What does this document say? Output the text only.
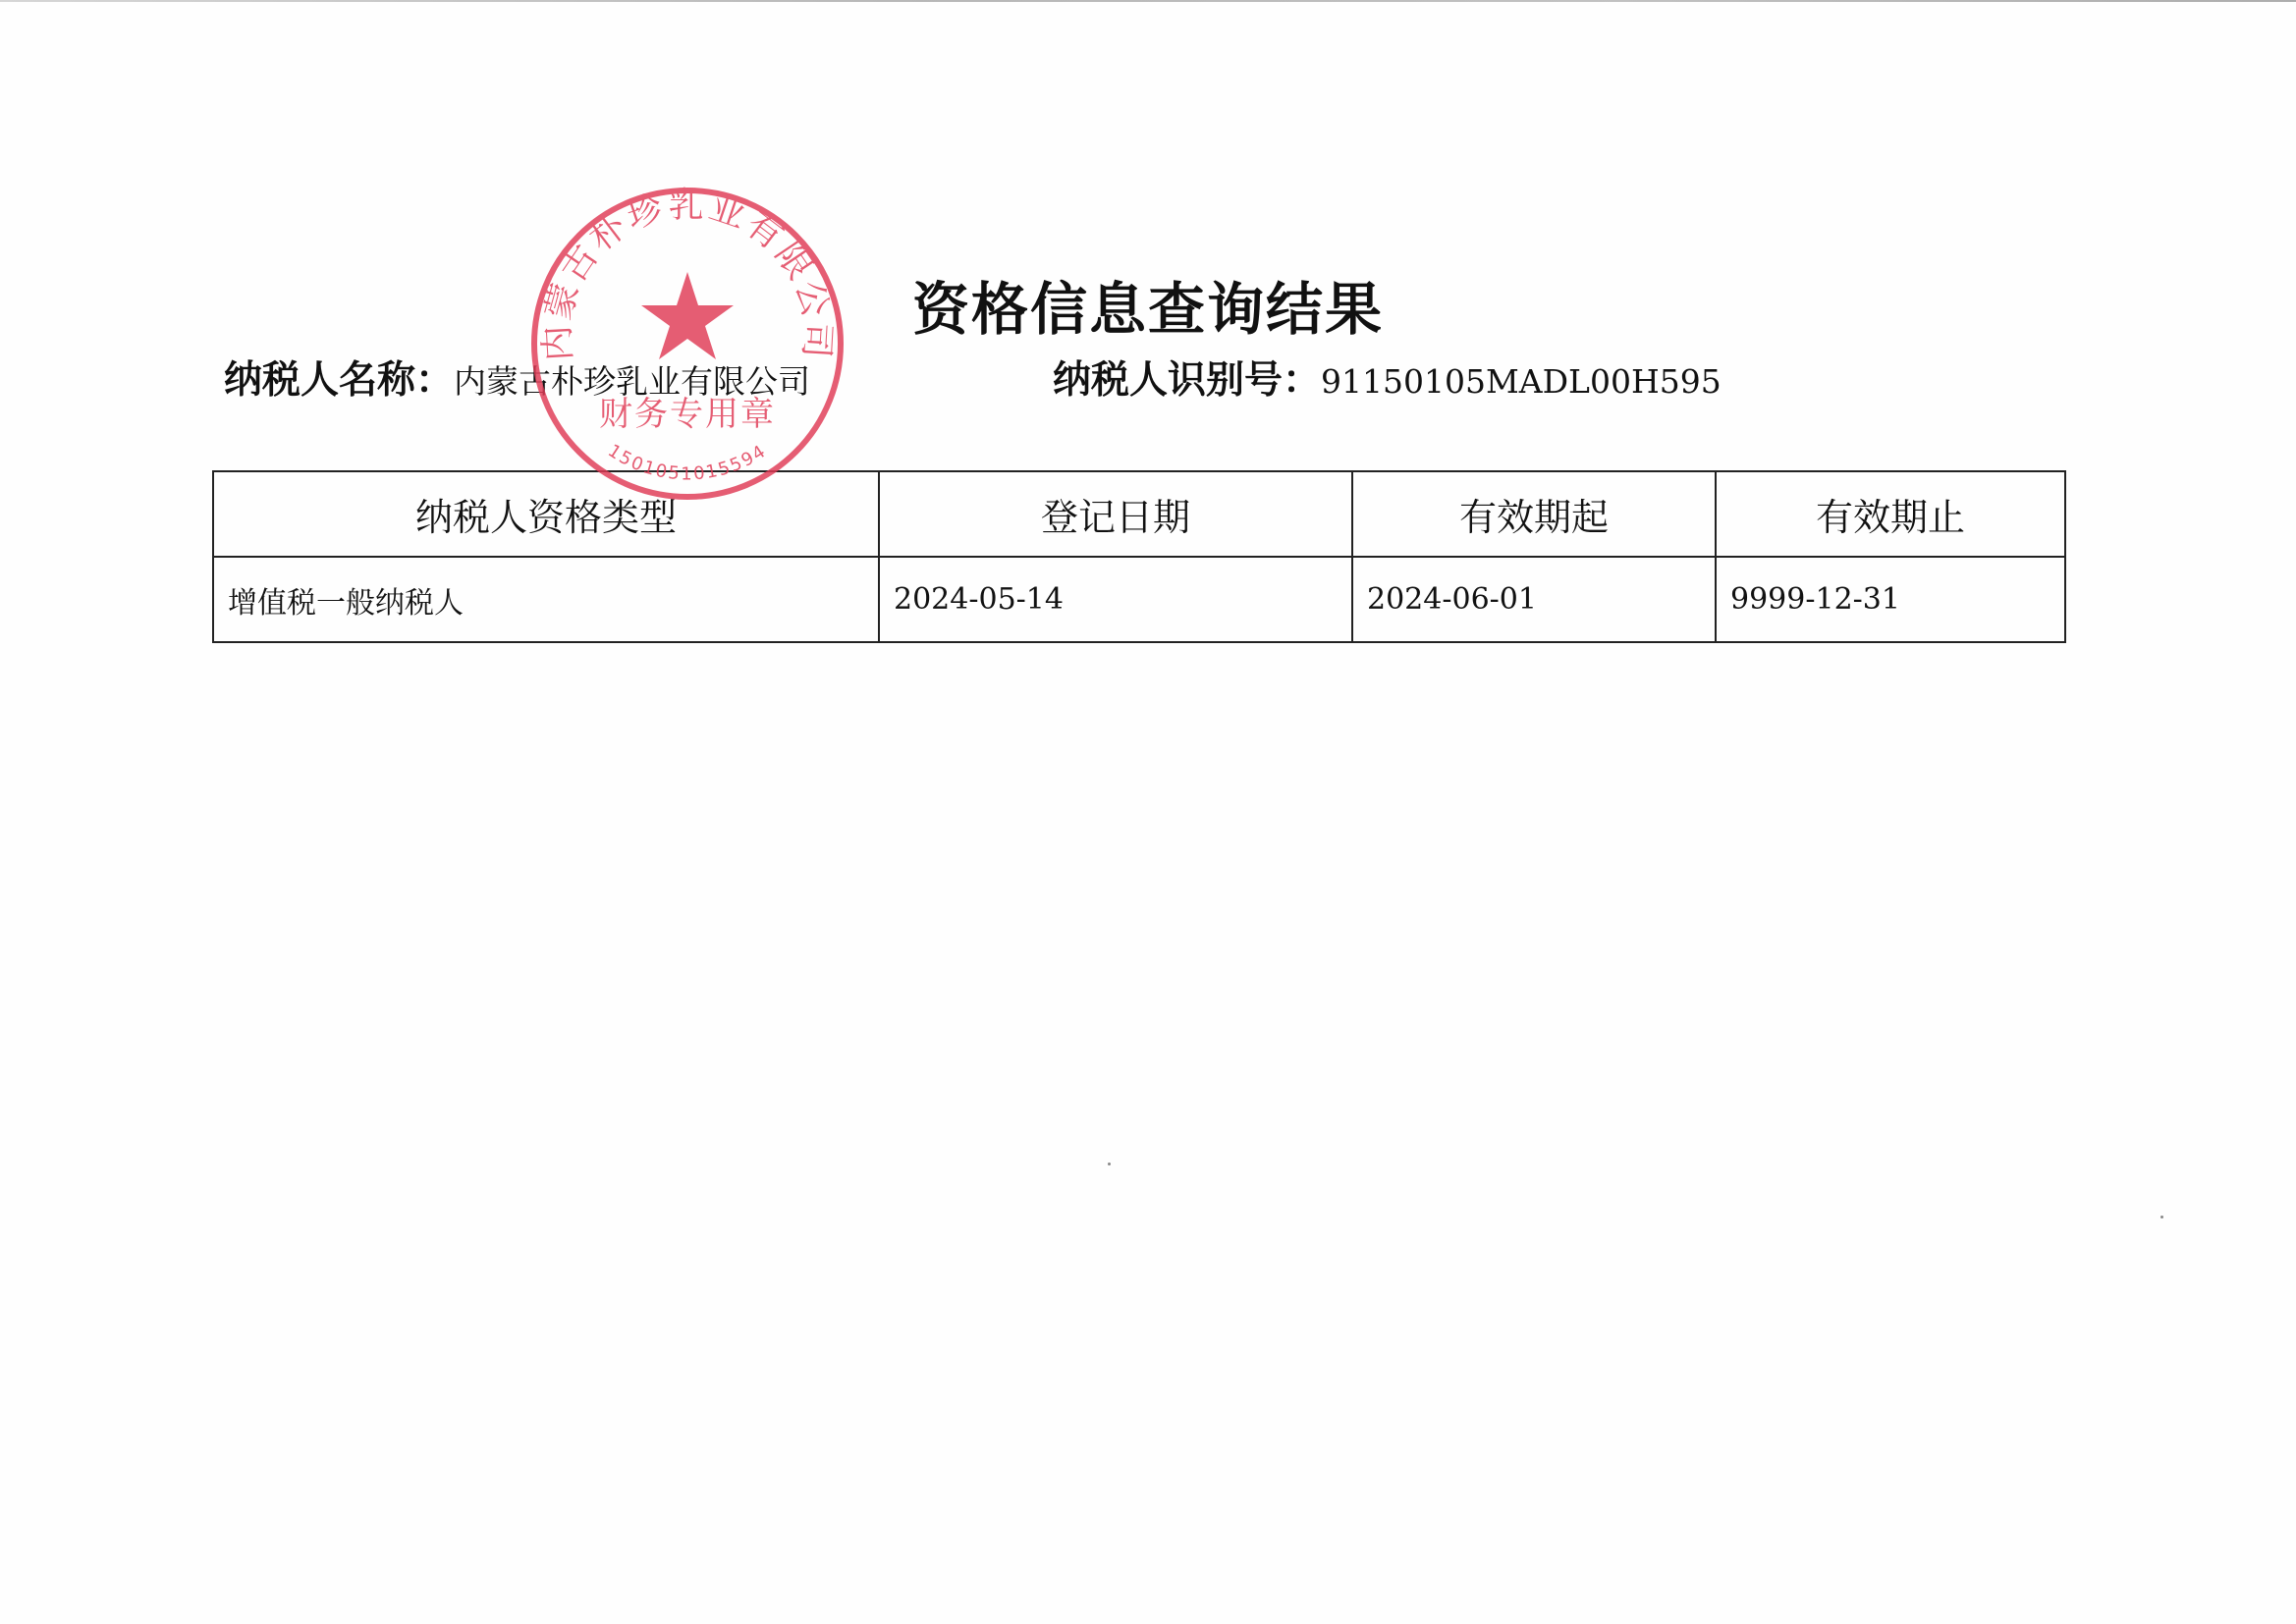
资格信息查询结果
纳税人名称：内蒙古朴珍乳业有限公司	纳税人识别号：91150105MADL00H595
纳税人资格类型	登记日期	有效期起	有效期止
增值税一般纳税人	2024-05-14	2024-06-01	9999-12-31
内蒙古朴珍乳业有限公司
财务专用章
1501051015594
